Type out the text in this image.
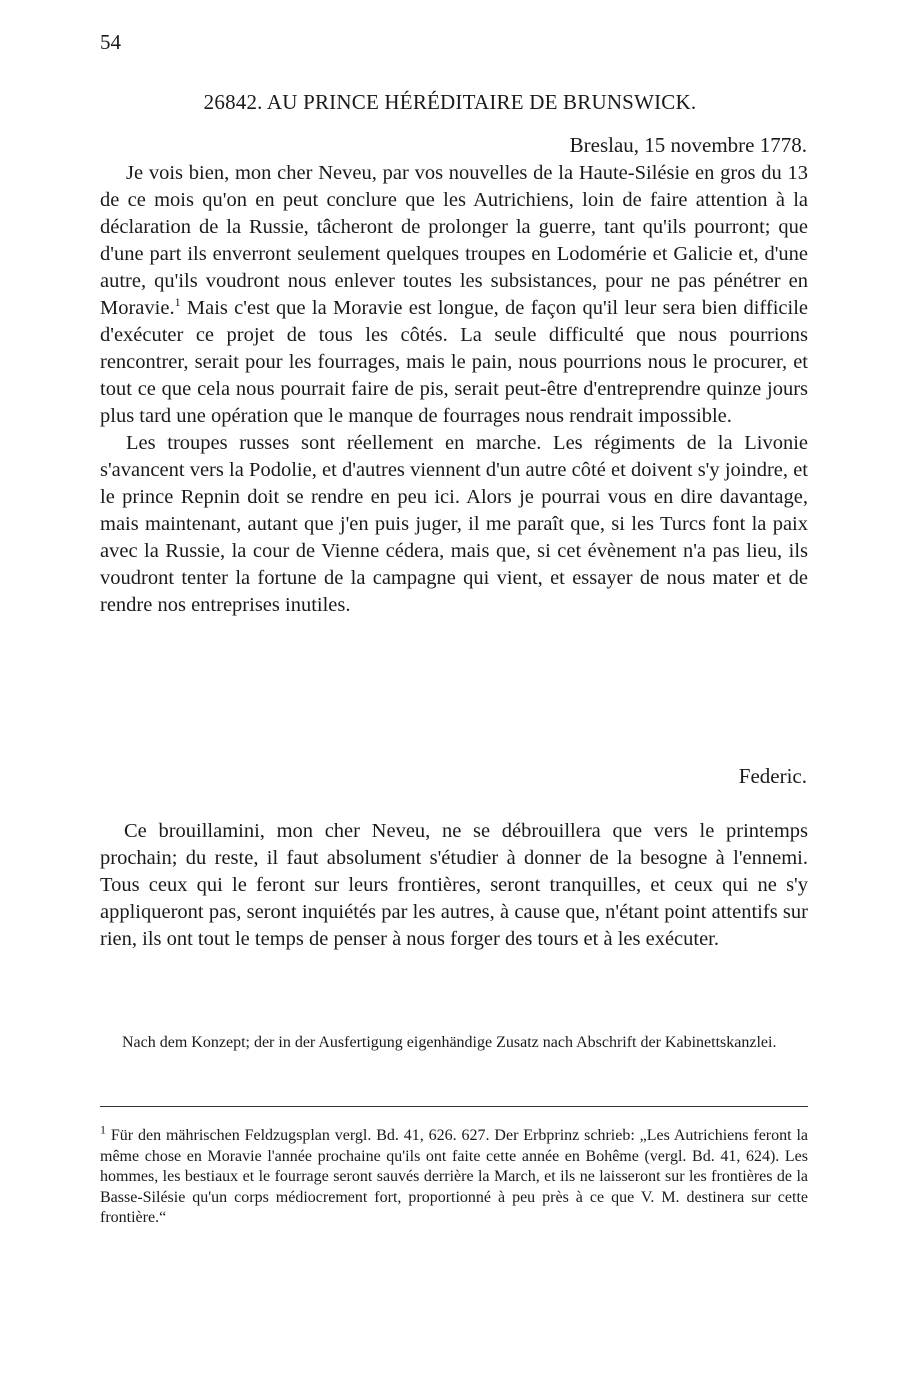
54
26842. AU PRINCE HÉRÉDITAIRE DE BRUNSWICK.
Breslau, 15 novembre 1778.

Je vois bien, mon cher Neveu, par vos nouvelles de la Haute-Silésie en gros du 13 de ce mois qu'on en peut conclure que les Autrichiens, loin de faire attention à la déclaration de la Russie, tâcheront de prolonger la guerre, tant qu'ils pourront; que d'une part ils enverront seulement quelques troupes en Lodomérie et Galicie et, d'une autre, qu'ils voudront nous enlever toutes les subsistances, pour ne pas pénétrer en Moravie.$^1$ Mais c'est que la Moravie est longue, de façon qu'il leur sera bien difficile d'exécuter ce projet de tous les côtés. La seule difficulté que nous pourrions rencontrer, serait pour les fourrages, mais le pain, nous pourrions nous le procurer, et tout ce que cela nous pourrait faire de pis, serait peut-être d'entreprendre quinze jours plus tard une opération que le manque de fourrages nous rendrait impossible.

Les troupes russes sont réellement en marche. Les régiments de la Livonie s'avancent vers la Podolie, et d'autres viennent d'un autre côté et doivent s'y joindre, et le prince Repnin doit se rendre en peu ici. Alors je pourrai vous en dire davantage, mais maintenant, autant que j'en puis juger, il me paraît que, si les Turcs font la paix avec la Russie, la cour de Vienne cédera, mais que, si cet évènement n'a pas lieu, ils voudront tenter la fortune de la campagne qui vient, et essayer de nous mater et de rendre nos entreprises inutiles.

Federic.

Ce brouillamini, mon cher Neveu, ne se débrouillera que vers le printemps prochain; du reste, il faut absolument s'étudier à donner de la besogne à l'ennemi. Tous ceux qui le feront sur leurs frontières, seront tranquilles, et ceux qui ne s'y appliqueront pas, seront inquiétés par les autres, à cause que, n'étant point attentifs sur rien, ils ont tout le temps de penser à nous forger des tours et à les exécuter.

Nach dem Konzept; der in der Ausfertigung eigenhändige Zusatz nach Abschrift der Kabinettskanzlei.
$^1$ Für den mährischen Feldzugsplan vergl. Bd. 41, 626. 627. Der Erbprinz schrieb: „Les Autrichiens feront la même chose en Moravie l'année prochaine qu'ils ont faite cette année en Bohême (vergl. Bd. 41, 624). Les hommes, les bestiaux et le fourrage seront sauvés derrière la March, et ils ne laisseront sur les frontières de la Basse-Silésie qu'un corps médiocrement fort, proportionné à peu près à ce que V. M. destinera sur cette frontière.“
